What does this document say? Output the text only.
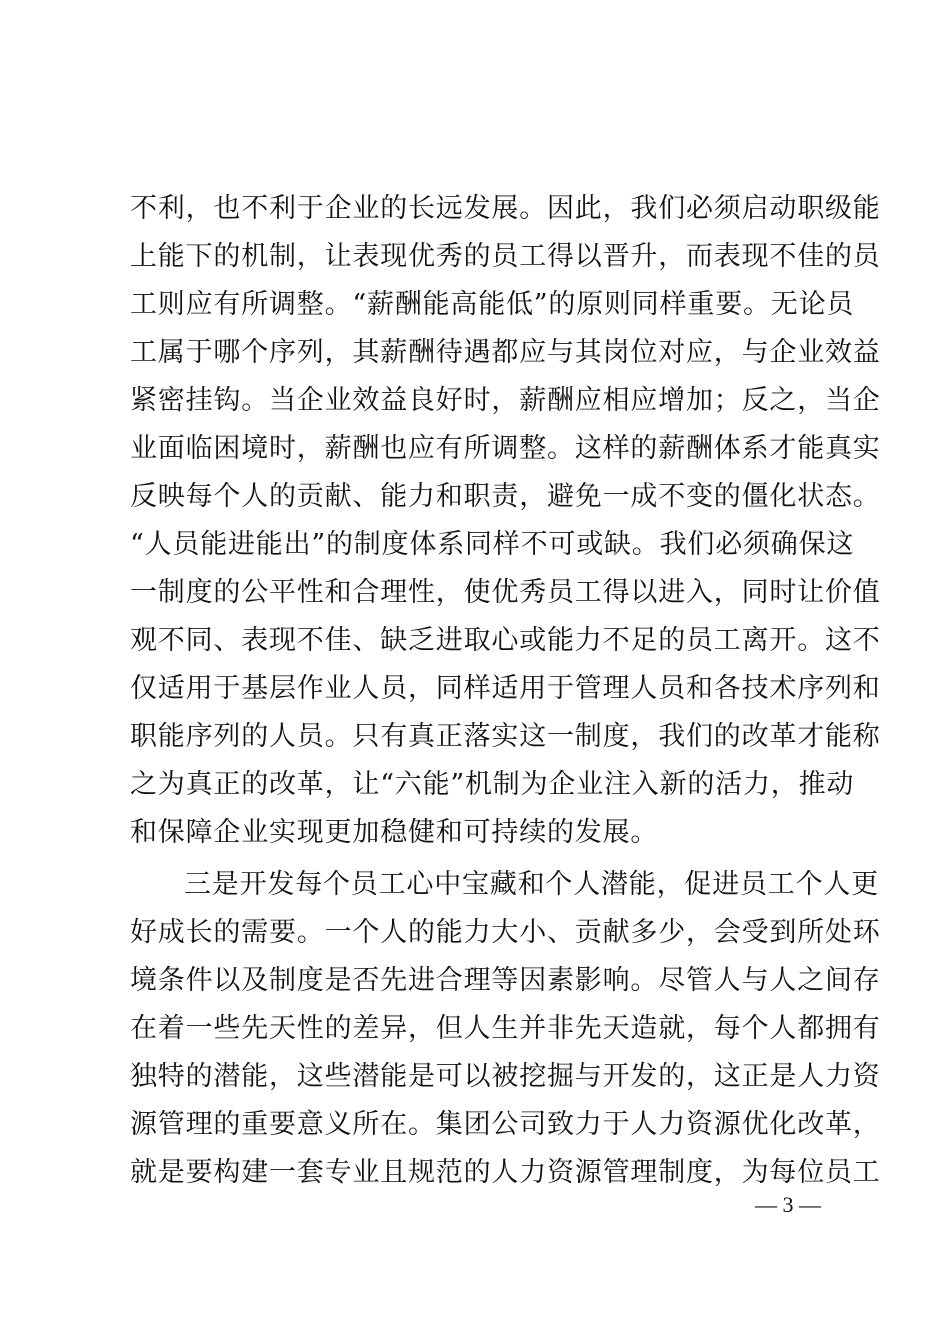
不利，也不利于企业的长远发展。因此，我们必须启动职级能
上能下的机制，让表现优秀的员工得以晋升，而表现不佳的员
工则应有所调整。“薪酬能高能低”的原则同样重要。无论员
工属于哪个序列，其薪酬待遇都应与其岗位对应，与企业效益
紧密挂钩。当企业效益良好时，薪酬应相应增加；反之，当企
业面临困境时，薪酬也应有所调整。这样的薪酬体系才能真实
反映每个人的贡献、能力和职责，避免一成不变的僵化状态。
“人员能进能出”的制度体系同样不可或缺。我们必须确保这
一制度的公平性和合理性，使优秀员工得以进入，同时让价值
观不同、表现不佳、缺乏进取心或能力不足的员工离开。这不
仅适用于基层作业人员，同样适用于管理人员和各技术序列和
职能序列的人员。只有真正落实这一制度，我们的改革才能称
之为真正的改革，让“六能”机制为企业注入新的活力，推动
和保障企业实现更加稳健和可持续的发展。
三是开发每个员工心中宝藏和个人潜能，促进员工个人更
好成长的需要。一个人的能力大小、贡献多少，会受到所处环
境条件以及制度是否先进合理等因素影响。尽管人与人之间存
在着一些先天性的差异，但人生并非先天造就，每个人都拥有
独特的潜能，这些潜能是可以被挖掘与开发的，这正是人力资
源管理的重要意义所在。集团公司致力于人力资源优化改革，
就是要构建一套专业且规范的人力资源管理制度，为每位员工
— 3 —
